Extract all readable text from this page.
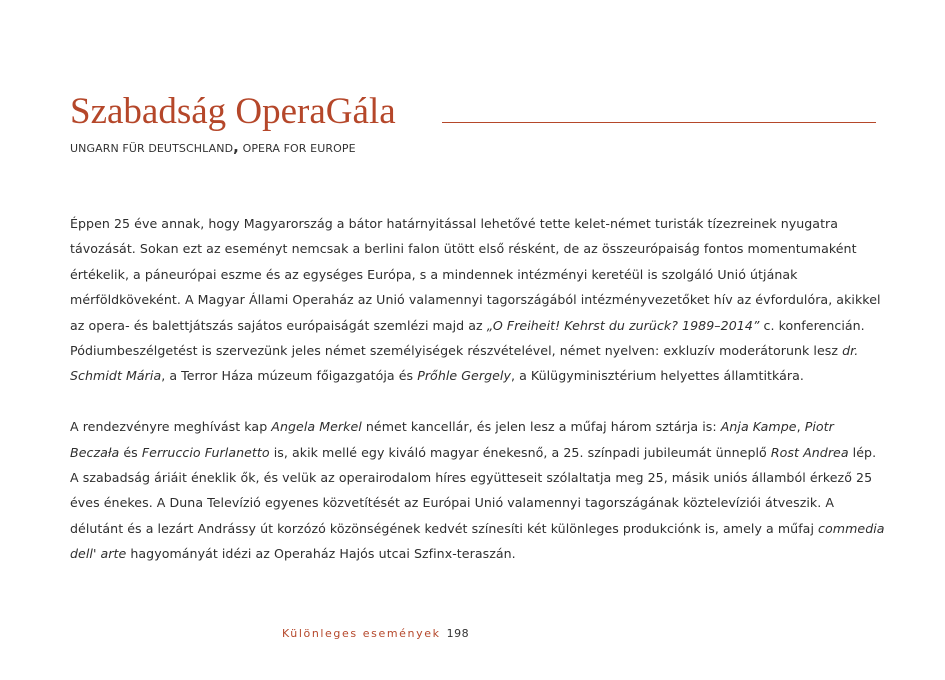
Szabadság OperaGála
UNGARN FÜR DEUTSCHLAND, OPERA FOR EUROPE

Éppen 25 éve annak, hogy Magyarország a bátor határnyitással lehetővé tette kelet-német turisták tízezreinek nyugatra távozását. Sokan ezt az eseményt nemcsak a berlini falon ütött első résként, de az összeurópaiság fontos momentumaként értékelik, a páneurópai eszme és az egységes Európa, s a mindennek intézményi keretéül is szolgáló Unió útjának mérföldköveként. A Magyar Állami Operaház az Unió valamennyi tagországából intézményvezetőket hív az évfordulóra, akikkel az opera- és balettjátszás sajátos európaiságát szemlézi majd az „O Freiheit! Kehrst du zurück? 1989–2014” c. konferencián. Pódiumbeszélgetést is szervezünk jeles német személyiségek részvételével, német nyelven: exkluzív moderátorunk lesz dr. Schmidt Mária, a Terror Háza múzeum főigazgatója és Prőhle Gergely, a Külügyminisztérium helyettes államtitkára.

A rendezvényre meghívást kap Angela Merkel német kancellár, és jelen lesz a műfaj három sztárja is: Anja Kampe, Piotr Beczała és Ferruccio Furlanetto is, akik mellé egy kiváló magyar énekesnő, a 25. színpadi jubileumát ünneplő Rost Andrea lép. A szabadság áriáit éneklik ők, és velük az operairodalom híres együtteseit szólaltatja meg 25, másik uniós államból érkező 25 éves énekes. A Duna Televízió egyenes közvetítését az Európai Unió valamennyi tagországának köztelevíziói átveszik. A délutánt és a lezárt Andrássy út korzózó közönségének kedvét színesíti két különleges produkciónk is, amely a műfaj commedia dell' arte hagyományát idézi az Operaház Hajós utcai Szfinx-teraszán.

Különleges események 198
